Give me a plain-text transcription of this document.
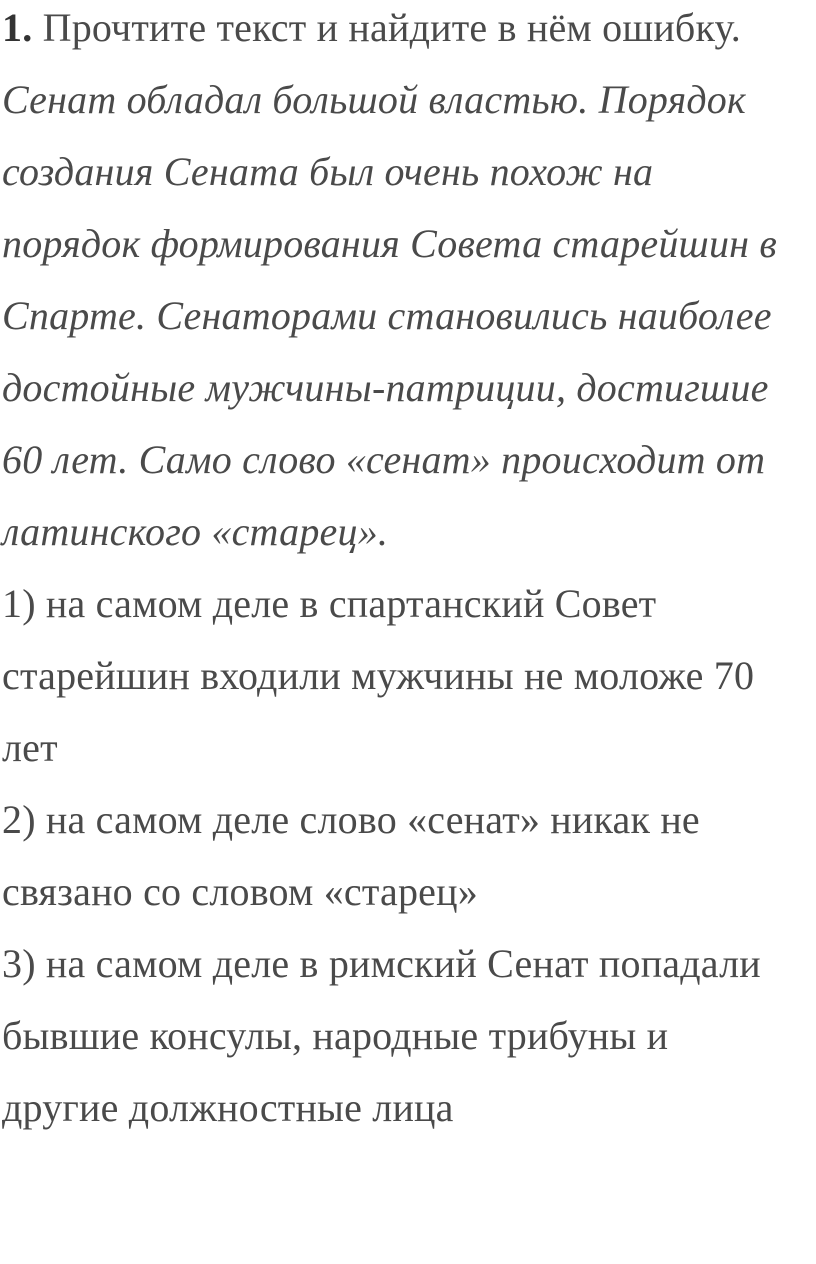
1. Прочтите текст и найдите в нём ошибку.

Сенат обладал большой властью. Порядок

создания Сената был очень похож на

порядок формирования Совета старейшин в

Спарте. Сенаторами становились наиболее

достойные мужчины-патриции, достигшие

60 лет. Само слово «сенат» происходит от

латинского «старец».

1) на самом деле в спартанский Совет

старейшин входили мужчины не моложе 70

лет

2) на самом деле слово «сенат» никак не

связано со словом «старец»

3) на самом деле в римский Сенат попадали

бывшие консулы, народные трибуны и

другие должностные лица
